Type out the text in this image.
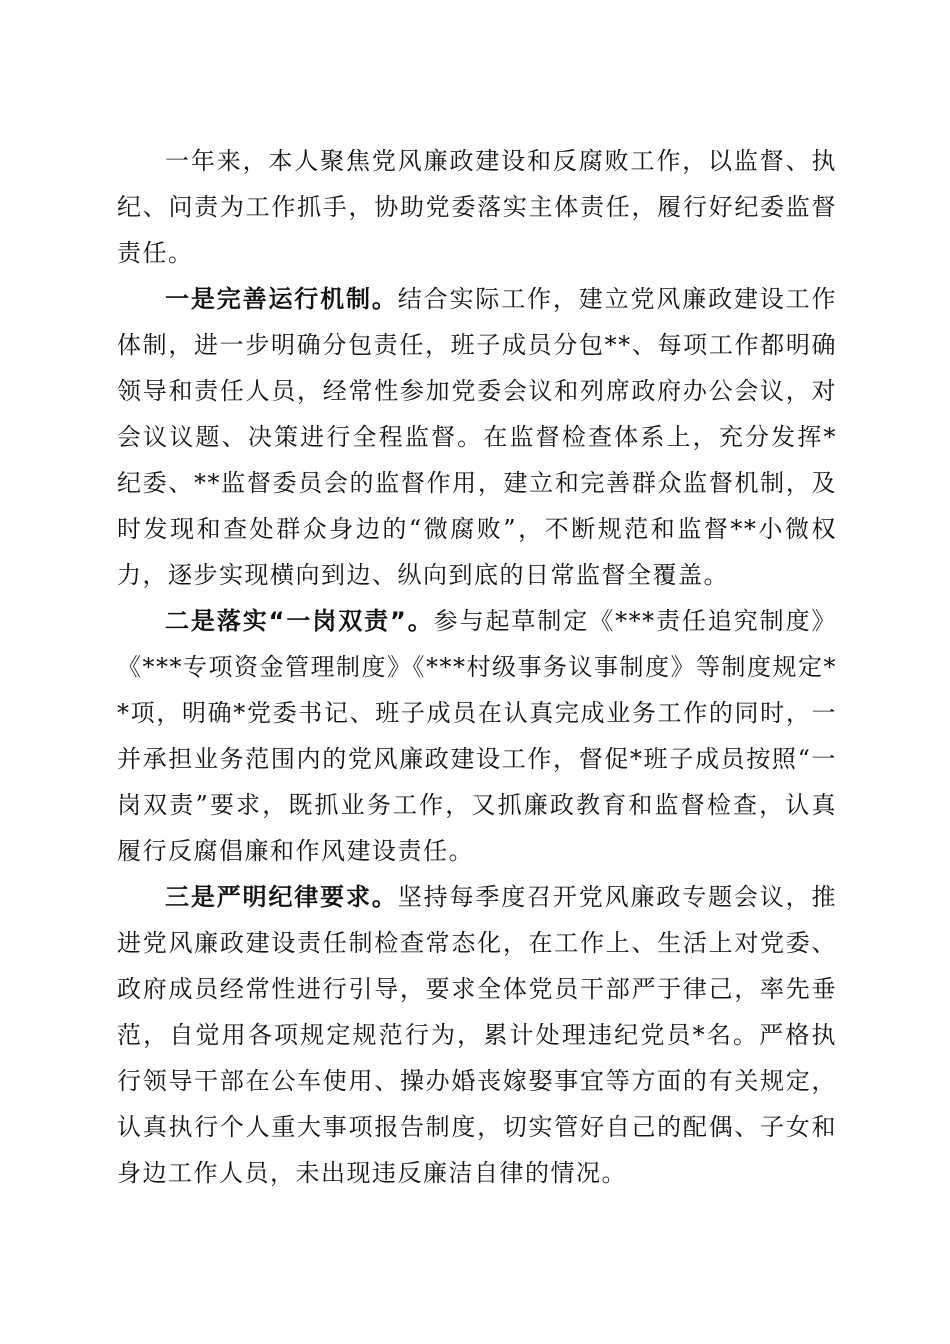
一年来，本人聚焦党风廉政建设和反腐败工作，以监督、执纪、问责为工作抓手，协助党委落实主体责任，履行好纪委监督责任。

一是完善运行机制。结合实际工作，建立党风廉政建设工作体制，进一步明确分包责任，班子成员分包**、每项工作都明确领导和责任人员，经常性参加党委会议和列席政府办公会议，对会议议题、决策进行全程监督。在监督检查体系上，充分发挥*纪委、**监督委员会的监督作用，建立和完善群众监督机制，及时发现和查处群众身边的“微腐败”，不断规范和监督**小微权力，逐步实现横向到边、纵向到底的日常监督全覆盖。

二是落实“一岗双责”。参与起草制定《***责任追究制度》《***专项资金管理制度》《***村级事务议事制度》等制度规定**项，明确*党委书记、班子成员在认真完成业务工作的同时，一并承担业务范围内的党风廉政建设工作，督促*班子成员按照“一岗双责”要求，既抓业务工作，又抓廉政教育和监督检查，认真履行反腐倡廉和作风建设责任。

三是严明纪律要求。坚持每季度召开党风廉政专题会议，推进党风廉政建设责任制检查常态化，在工作上、生活上对党委、政府成员经常性进行引导，要求全体党员干部严于律己，率先垂范，自觉用各项规定规范行为，累计处理违纪党员*名。严格执行领导干部在公车使用、操办婚丧嫁娶事宜等方面的有关规定，认真执行个人重大事项报告制度，切实管好自己的配偶、子女和身边工作人员，未出现违反廉洁自律的情况。
